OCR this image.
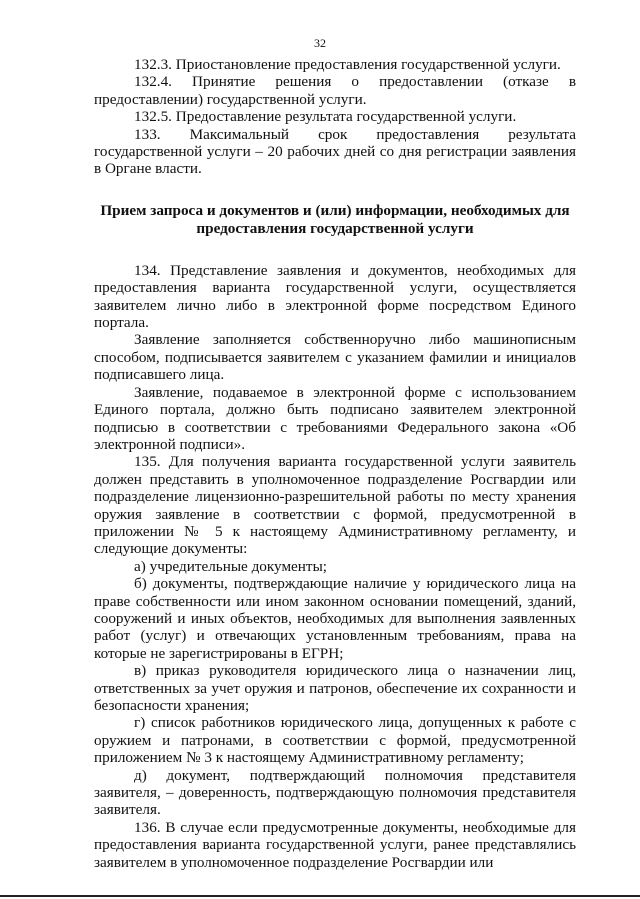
32

132.3. Приостановление предоставления государственной услуги.

132.4. Принятие решения о предоставлении (отказе в предоставлении) государственной услуги.

132.5. Предоставление результата государственной услуги.

133. Максимальный срок предоставления результата государственной услуги – 20 рабочих дней со дня регистрации заявления в Органе власти.

Прием запроса и документов и (или) информации, необходимых для предоставления государственной услуги

134. Представление заявления и документов, необходимых для предоставления варианта государственной услуги, осуществляется заявителем лично либо в электронной форме посредством Единого портала.

Заявление заполняется собственноручно либо машинописным способом, подписывается заявителем с указанием фамилии и инициалов подписавшего лица.

Заявление, подаваемое в электронной форме с использованием Единого портала, должно быть подписано заявителем электронной подписью в соответствии с требованиями Федерального закона «Об электронной подписи».

135. Для получения варианта государственной услуги заявитель должен представить в уполномоченное подразделение Росгвардии или подразделение лицензионно-разрешительной работы по месту хранения оружия заявление в соответствии с формой, предусмотренной в приложении № 5 к настоящему Административному регламенту, и следующие документы:

а) учредительные документы;

б) документы, подтверждающие наличие у юридического лица на праве собственности или ином законном основании помещений, зданий, сооружений и иных объектов, необходимых для выполнения заявленных работ (услуг) и отвечающих установленным требованиям, права на которые не зарегистрированы в ЕГРН;

в) приказ руководителя юридического лица о назначении лиц, ответственных за учет оружия и патронов, обеспечение их сохранности и безопасности хранения;

г) список работников юридического лица, допущенных к работе с оружием и патронами, в соответствии с формой, предусмотренной приложением № 3 к настоящему Административному регламенту;

д) документ, подтверждающий полномочия представителя заявителя, – доверенность, подтверждающую полномочия представителя заявителя.

136. В случае если предусмотренные документы, необходимые для предоставления варианта государственной услуги, ранее представлялись заявителем в уполномоченное подразделение Росгвардии или
